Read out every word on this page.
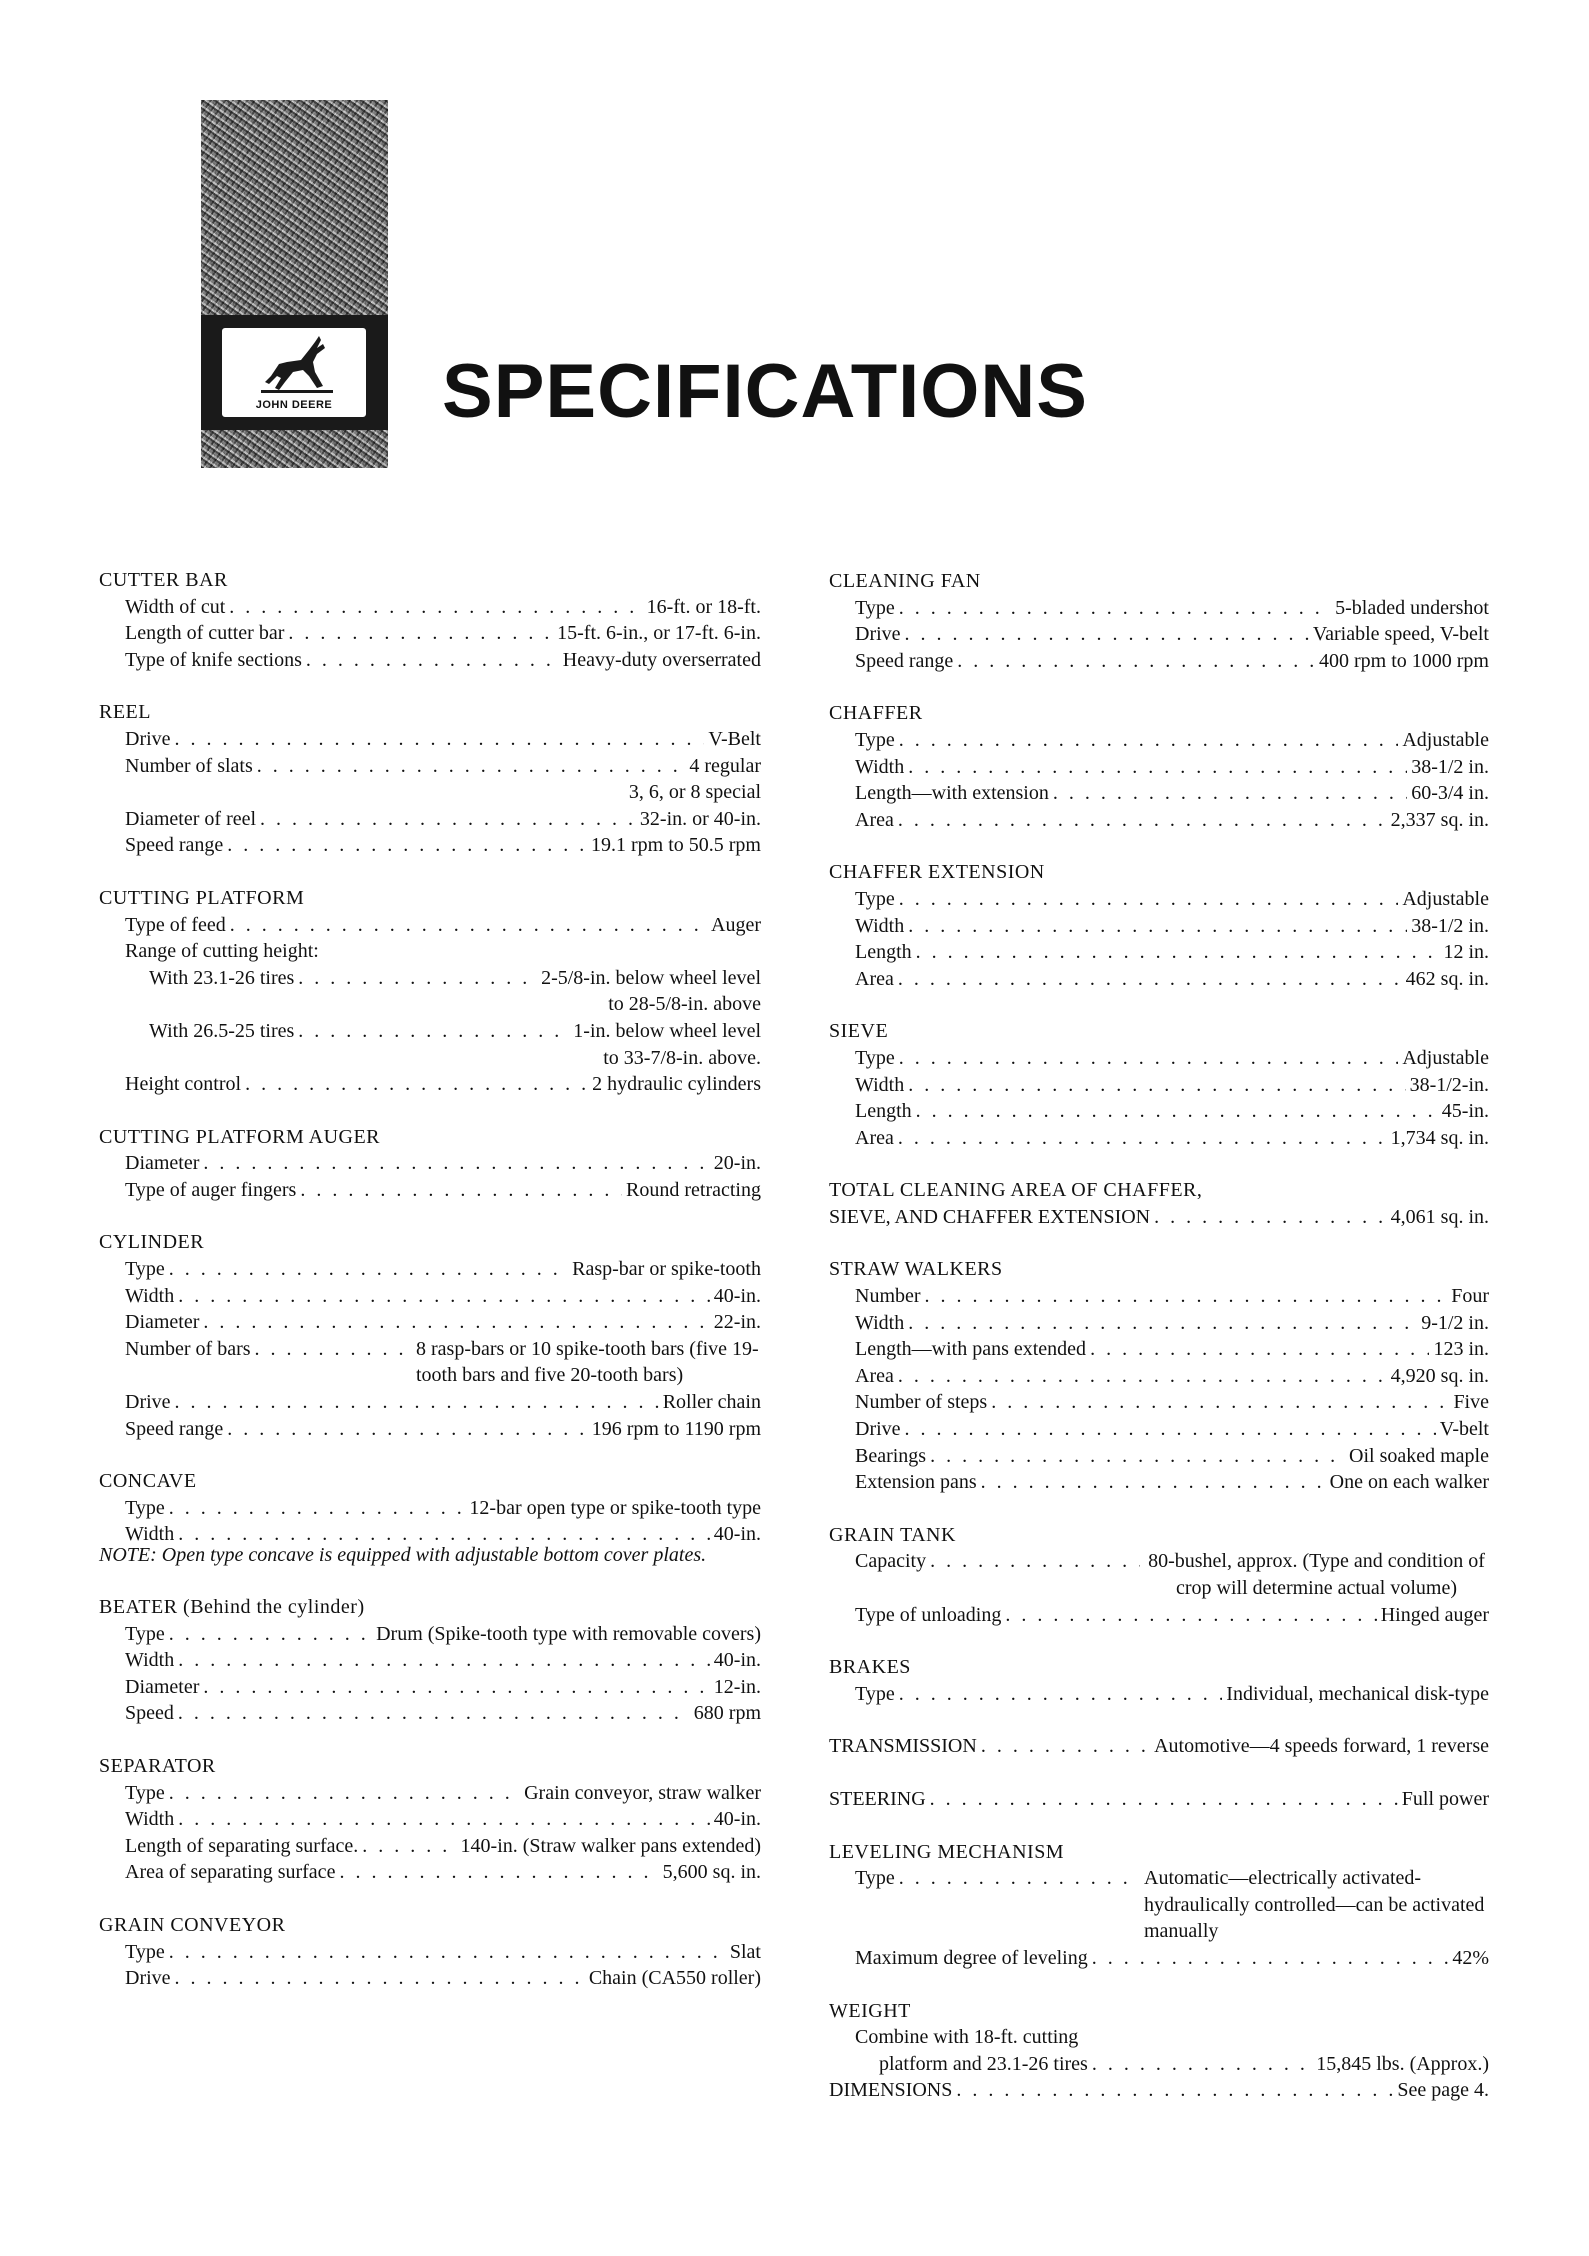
JOHN DEERE	SPECIFICATIONS
CUTTER BAR
Width of cut . . .	16-ft. or 18-ft.
Length of cutter bar . . .	15-ft. 6-in., or 17-ft. 6-in.
Type of knife sections . . .	Heavy-duty overserrated
REEL
Drive . . .	V-Belt
Number of slats . . .	4 regular
3, 6, or 8 special
Diameter of reel . . .	32-in. or 40-in.
Speed range . . .	19.1 rpm to 50.5 rpm
CUTTING PLATFORM
Type of feed . . .	Auger
Range of cutting height:
With 23.1-26 tires . . .	2-5/8-in. below wheel level
to 28-5/8-in. above
With 26.5-25 tires . . .	1-in. below wheel level
to 33-7/8-in. above.
Height control . . .	2 hydraulic cylinders
CUTTING PLATFORM AUGER
Diameter . . .	20-in.
Type of auger fingers . . .	Round retracting
CYLINDER
Type . . .	Rasp-bar or spike-tooth
Width . . .	40-in.
Diameter . . .	22-in.
Number of bars . . .	8 rasp-bars or 10 spike-tooth bars (five 19-tooth bars and five 20-tooth bars)
Drive . . .	Roller chain
Speed range . . .	196 rpm to 1190 rpm
CONCAVE
Type . . .	12-bar open type or spike-tooth type
Width . . .	40-in.
NOTE: Open type concave is equipped with adjustable bottom cover plates.
BEATER (Behind the cylinder)
Type . . .	Drum (Spike-tooth type with removable covers)
Width . . .	40-in.
Diameter . . .	12-in.
Speed . . .	680 rpm
SEPARATOR
Type . . .	Grain conveyor, straw walker
Width . . .	40-in.
Length of separating surface. . . .	140-in. (Straw walker pans extended)
Area of separating surface . . .	5,600 sq. in.
GRAIN CONVEYOR
Type . . .	Slat
Drive . . .	Chain (CA550 roller)
CLEANING FAN
Type . . .	5-bladed undershot
Drive . . .	Variable speed, V-belt
Speed range . . .	400 rpm to 1000 rpm
CHAFFER
Type . . .	Adjustable
Width . . .	38-1/2 in.
Length—with extension . . .	60-3/4 in.
Area . . .	2,337 sq. in.
CHAFFER EXTENSION
Type . . .	Adjustable
Width . . .	38-1/2 in.
Length . . .	12 in.
Area . . .	462 sq. in.
SIEVE
Type . . .	Adjustable
Width . . .	38-1/2-in.
Length . . .	45-in.
Area . . .	1,734 sq. in.
TOTAL CLEANING AREA OF CHAFFER,
SIEVE, AND CHAFFER EXTENSION . . .	4,061 sq. in.
STRAW WALKERS
Number . . .	Four
Width . . .	9-1/2 in.
Length—with pans extended . . .	123 in.
Area . . .	4,920 sq. in.
Number of steps . . .	Five
Drive . . .	V-belt
Bearings . . .	Oil soaked maple
Extension pans . . .	One on each walker
GRAIN TANK
Capacity . . .	80-bushel, approx. (Type and condition of crop will determine actual volume)
Type of unloading . . .	Hinged auger
BRAKES
Type . . .	Individual, mechanical disk-type
TRANSMISSION . . .	Automotive—4 speeds forward, 1 reverse
STEERING . . .	Full power
LEVELING MECHANISM
Type . . .	Automatic—electrically activated-hydraulically controlled—can be activated manually
Maximum degree of leveling . . .	42%
WEIGHT
Combine with 18-ft. cutting
platform and 23.1-26 tires . . .	15,845 lbs. (Approx.)
DIMENSIONS . . .	See page 4.
